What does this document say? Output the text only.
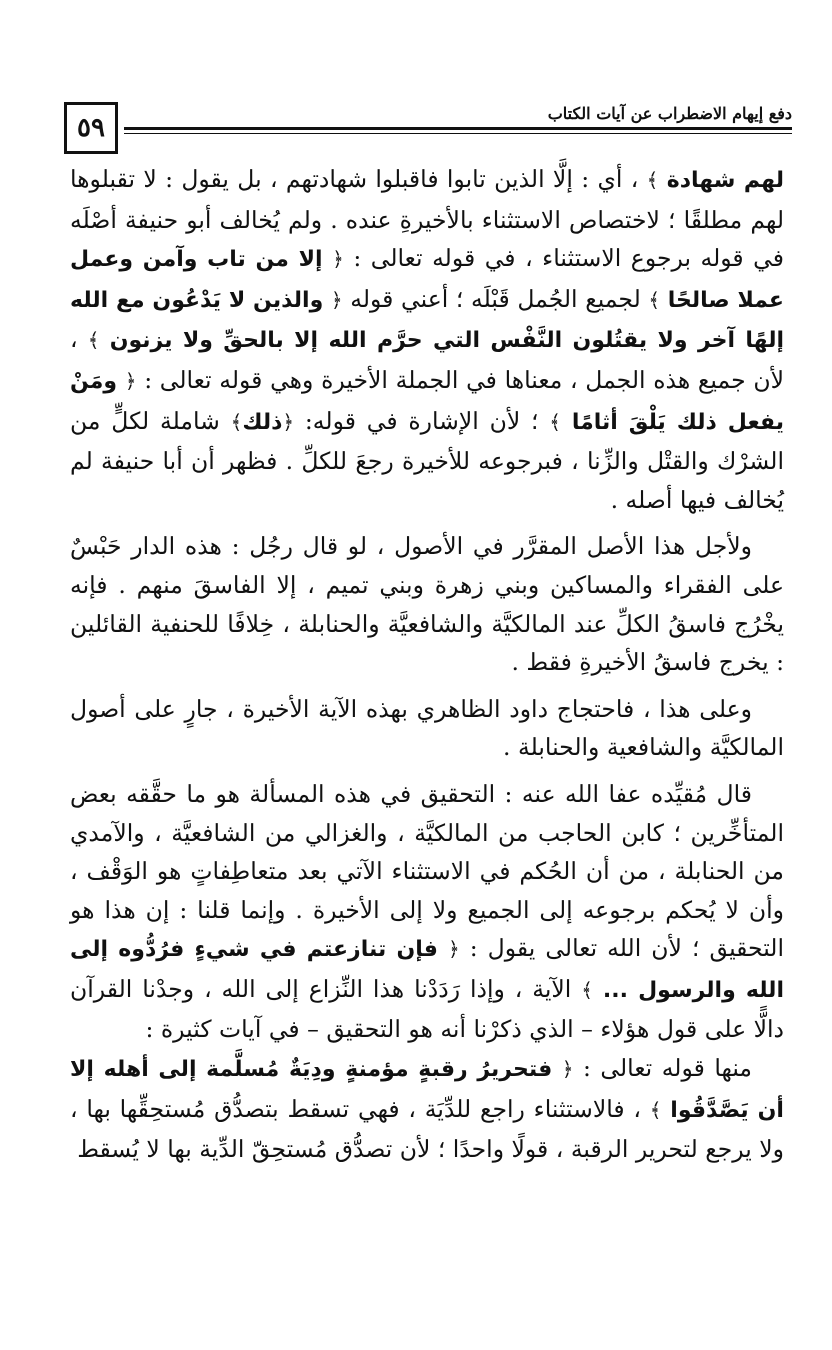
٥٩	دفع إيهام الاضطراب عن آيات الكتاب

لهم شهادة ﴾ ، أي : إلَّا الذين تابوا فاقبلوا شهادتهم ، بل يقول : لا تقبلوها لهم مطلقًا ؛ لاختصاص الاستثناء بالأخيرةِ عنده . ولم يُخالف أبو حنيفة أصْلَه في قوله برجوع الاستثناء ، في قوله تعالى : ﴿ إلا من تاب وآمن وعمل عملا صالحًا ﴾ لجميع الجُمل قَبْلَه ؛ أعني قوله ﴿ والذين لا يَدْعُون مع الله إلهًا آخر ولا يقتُلون النَّفْس التي حرَّم الله إلا بالحقِّ ولا يزنون ﴾ ، لأن جميع هذه الجمل ، معناها في الجملة الأخيرة وهي قوله تعالى : ﴿ ومَنْ يفعل ذلك يَلْقَ أثامًا ﴾ ؛ لأن الإشارة في قوله: ﴿ذلك﴾ شاملة لكلٍّ من الشرْك والقتْل والزِّنا ، فبرجوعه للأخيرة رجعَ للكلِّ . فظهر أن أبا حنيفة لم يُخالف فيها أصله .

ولأجل هذا الأصل المقرَّر في الأصول ، لو قال رجُل : هذه الدار حَبْسٌ على الفقراء والمساكين وبني زهرة وبني تميم ، إلا الفاسقَ منهم . فإنه يخْرُج فاسقُ الكلِّ عند المالكيَّة والشافعيَّة والحنابلة ، خِلافًا للحنفية القائلين : يخرج فاسقُ الأخيرةِ فقط .

وعلى هذا ، فاحتجاج داود الظاهري بهذه الآية الأخيرة ، جارٍ على أصول المالكيَّة والشافعية والحنابلة .

قال مُقيِّده عفا الله عنه : التحقيق في هذه المسألة هو ما حقَّقه بعض المتأخِّرين ؛ كابن الحاجب من المالكيَّة ، والغزالي من الشافعيَّة ، والآمدي من الحنابلة ، من أن الحُكم في الاستثناء الآتي بعد متعاطِفاتٍ هو الوَقْف ، وأن لا يُحكم برجوعه إلى الجميع ولا إلى الأخيرة . وإنما قلنا : إن هذا هو التحقيق ؛ لأن الله تعالى يقول : ﴿ فإن تنازعتم في شيءٍ فرُدُّوه إلى الله والرسول ... ﴾ الآية ، وإذا رَدَدْنا هذا النِّزاع إلى الله ، وجدْنا القرآن دالًّا على قول هؤلاء – الذي ذكرْنا أنه هو التحقيق – في آيات كثيرة :

منها قوله تعالى : ﴿ فتحريرُ رقبةٍ مؤمنةٍ ودِيَةٌ مُسلَّمة إلى أهله إلا أن يَصَّدَّقُوا ﴾ ، فالاستثناء راجع للدِّيَة ، فهي تسقط بتصدُّق مُستحِقِّها بها ، ولا يرجع لتحرير الرقبة ، قولًا واحدًا ؛ لأن تصدُّق مُستحِقّ الدِّية بها لا يُسقط
